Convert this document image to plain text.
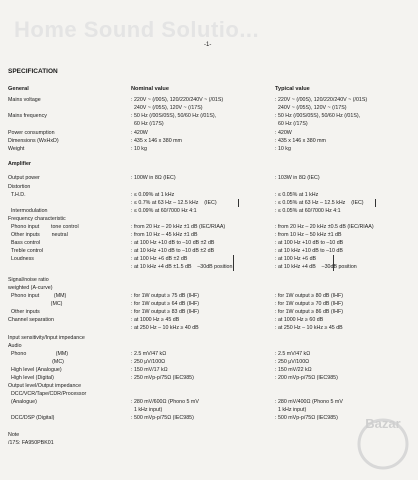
Home Sound Solutio...
-1-
SPECIFICATION
General	Nominal value	Typical value
Mains voltage	: 220V ~ (/00S), 120/220/240V ~ (/01S)	: 220V ~ (/00S), 120/220/240V ~ (/01S)
240V ~ (/05S), 120V ~ (/17S)	240V ~ (/05S), 120V ~ (/17S)
Mains frequency	: 50 Hz (/00S/05S), 50/60 Hz (/01S),	: 50 Hz (/00S/05S), 50/60 Hz (/01S),
60 Hz (/17S)	60 Hz (/17S)
Power consumption	: 420W	: 420W
Dimensions (WxHxD)	: 435 x 146 x 380 mm	: 435 x 146 x 380 mm
Weight	: 10 kg	: 10 kg
Amplifier
Output power	: 100W in 8Ω (IEC)	: 103W in 8Ω (IEC)
Distortion
T.H.D.	: ≤ 0.09% at 1 kHz	: ≤ 0.05% at 1 kHz
: ≤ 0.7% at 63 Hz – 12.5 kHz    (IEC)	: ≤ 0.05% at 63 Hz – 12.5 kHz    (IEC)
Intermodulation	: ≤ 0.09% at 60/7000 Hz 4:1	: ≤ 0.05% at 60/7000 Hz 4:1
Frequency characteristic
Phono input        tone control	: from 20 Hz – 20 kHz ±1 dB (IEC/RIAA)	: from 20 Hz – 20 kHz ±0.5 dB (IEC/RIAA)
Other inputs        neutral	: from 10 Hz – 45 kHz ±1 dB	: from 10 Hz – 50 kHz ±1 dB
Bass control	: at 100 Hz +10 dB to –10 dB ±2 dB	: at 100 Hz +10 dB to –10 dB
Treble control	: at 10 kHz +10 dB to –10 dB ±2 dB	: at 10 kHz +10 dB to –10 dB
Loudness	: at 100 Hz +6 dB ±2 dB	: at 100 Hz +6 dB
: at 10 kHz +4 dB ±1.5 dB    –30dB position	: at 10 kHz +4 dB    –30dB position
Signal/noise ratio
weighted (A-curve)
Phono input          (MM)	: for 1W output ≥ 75 dB (IHF)	: for 1W output ≥ 80 dB (IHF)
(MC)	: for 1W output ≥ 64 dB (IHF)	: for 1W output ≥ 70 dB (IHF)
Other inputs	: for 1W output ≥ 83 dB (IHF)	: for 1W output ≥ 86 dB (IHF)
Channel separation	: at 1000 Hz ≥ 45 dB	: at 1000 Hz ≥ 60 dB
: at 250 Hz – 10 kHz ≥ 40 dB	: at 250 Hz – 10 kHz ≥ 45 dB
Input sensitivity/Input impedance
Audio
Phono                    (MM)	: 2.5 mV/47 kΩ	: 2.5 mV/47 kΩ
(MC)	: 250 μV/100Ω	: 250 μV/100Ω
High level (Analogue)	: 150 mV/17 kΩ	: 150 mV/22 kΩ
High level (Digital)	: 250 mVp-p/75Ω (IEC985)	: 200 mVp-p/75Ω (IEC985)
Output level/Output impedance
DCC/VCR/Tape/CDR/Processor
(Analogue)	: 280 mV/600Ω (Phono 5 mV	: 280 mV/400Ω (Phono 5 mV
1 kHz input)	1 kHz input)
DCC/DSP (Digital)	: 500 mVp-p/75Ω (IEC985)	: 500 mVp-p/75Ω (IEC985)
Note
/17S: FA950PBK01
Bazar
